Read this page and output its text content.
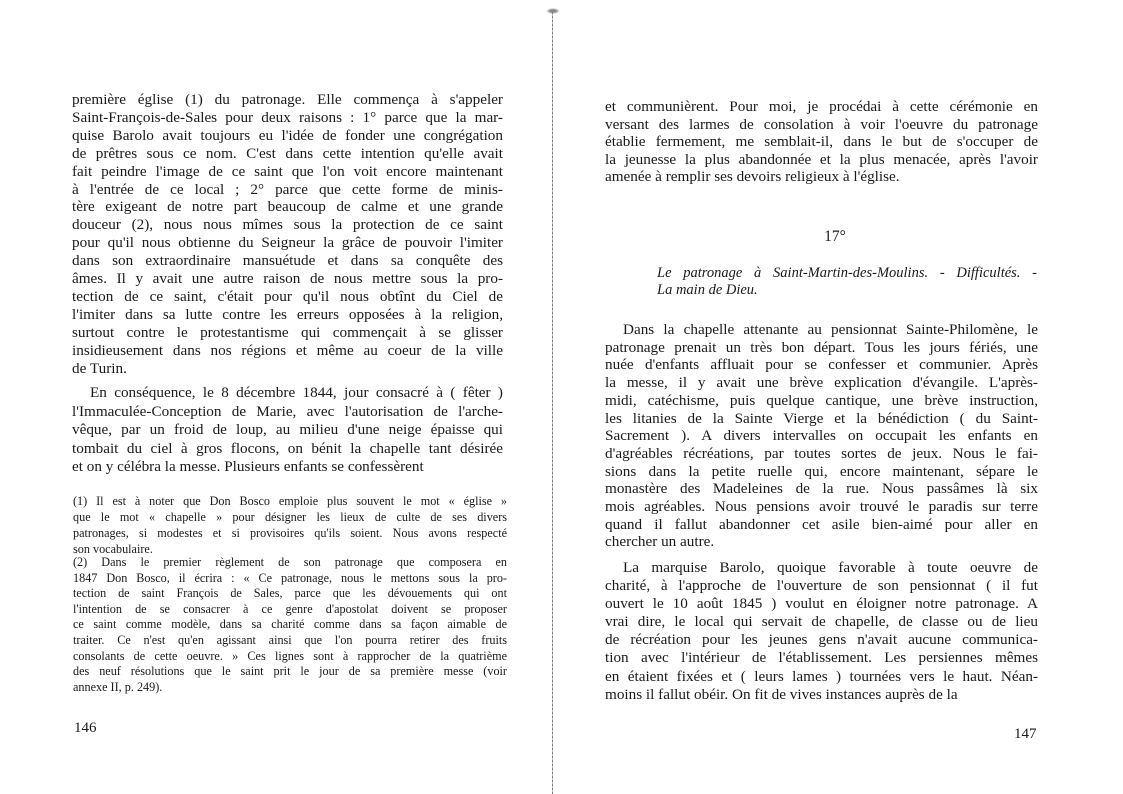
première église (1) du patronage. Elle commença à s'appeler
Saint-François-de-Sales pour deux raisons : 1° parce que la mar-
quise Barolo avait toujours eu l'idée de fonder une congrégation
de prêtres sous ce nom. C'est dans cette intention qu'elle avait
fait peindre l'image de ce saint que l'on voit encore maintenant
à l'entrée de ce local ; 2° parce que cette forme de minis-
tère exigeant de notre part beaucoup de calme et une grande
douceur (2), nous nous mîmes sous la protection de ce saint
pour qu'il nous obtienne du Seigneur la grâce de pouvoir l'imiter
dans son extraordinaire mansuétude et dans sa conquête des
âmes. Il y avait une autre raison de nous mettre sous la pro-
tection de ce saint, c'était pour qu'il nous obtînt du Ciel de
l'imiter dans sa lutte contre les erreurs opposées à la religion,
surtout contre le protestantisme qui commençait à se glisser
insidieusement dans nos régions et même au coeur de la ville
de Turin.
En conséquence, le 8 décembre 1844, jour consacré à ( fêter )
l'Immaculée-Conception de Marie, avec l'autorisation de l'arche-
vêque, par un froid de loup, au milieu d'une neige épaisse qui
tombait du ciel à gros flocons, on bénit la chapelle tant désirée
et on y célébra la messe. Plusieurs enfants se confessèrent
(1) Il est à noter que Don Bosco emploie plus souvent le mot « église »
que le mot « chapelle » pour désigner les lieux de culte de ses divers
patronages, si modestes et si provisoires qu'ils soient. Nous avons respecté
son vocabulaire.
(2) Dans le premier règlement de son patronage que composera en
1847 Don Bosco, il écrira : « Ce patronage, nous le mettons sous la pro-
tection de saint François de Sales, parce que les dévouements qui ont
l'intention de se consacrer à ce genre d'apostolat doivent se proposer
ce saint comme modèle, dans sa charité comme dans sa façon aimable de
traiter. Ce n'est qu'en agissant ainsi que l'on pourra retirer des fruits
consolants de cette oeuvre. » Ces lignes sont à rapprocher de la quatrième
des neuf résolutions que le saint prit le jour de sa première messe (voir
annexe II, p. 249).
146
et communièrent. Pour moi, je procédai à cette cérémonie en
versant des larmes de consolation à voir l'oeuvre du patronage
établie fermement, me semblait-il, dans le but de s'occuper de
la jeunesse la plus abandonnée et la plus menacée, après l'avoir
amenée à remplir ses devoirs religieux à l'église.
17°
Le patronage à Saint-Martin-des-Moulins. - Difficultés. -
La main de Dieu.
Dans la chapelle attenante au pensionnat Sainte-Philomène, le
patronage prenait un très bon départ. Tous les jours fériés, une
nuée d'enfants affluait pour se confesser et communier. Après
la messe, il y avait une brève explication d'évangile. L'après-
midi, catéchisme, puis quelque cantique, une brève instruction,
les litanies de la Sainte Vierge et la bénédiction ( du Saint-
Sacrement ). A divers intervalles on occupait les enfants en
d'agréables récréations, par toutes sortes de jeux. Nous le fai-
sions dans la petite ruelle qui, encore maintenant, sépare le
monastère des Madeleines de la rue. Nous passâmes là six
mois agréables. Nous pensions avoir trouvé le paradis sur terre
quand il fallut abandonner cet asile bien-aimé pour aller en
chercher un autre.
La marquise Barolo, quoique favorable à toute oeuvre de
charité, à l'approche de l'ouverture de son pensionnat ( il fut
ouvert le 10 août 1845 ) voulut en éloigner notre patronage. A
vrai dire, le local qui servait de chapelle, de classe ou de lieu
de récréation pour les jeunes gens n'avait aucune communica-
tion avec l'intérieur de l'établissement. Les persiennes mêmes
en étaient fixées et ( leurs lames ) tournées vers le haut. Néan-
moins il fallut obéir. On fit de vives instances auprès de la
147
